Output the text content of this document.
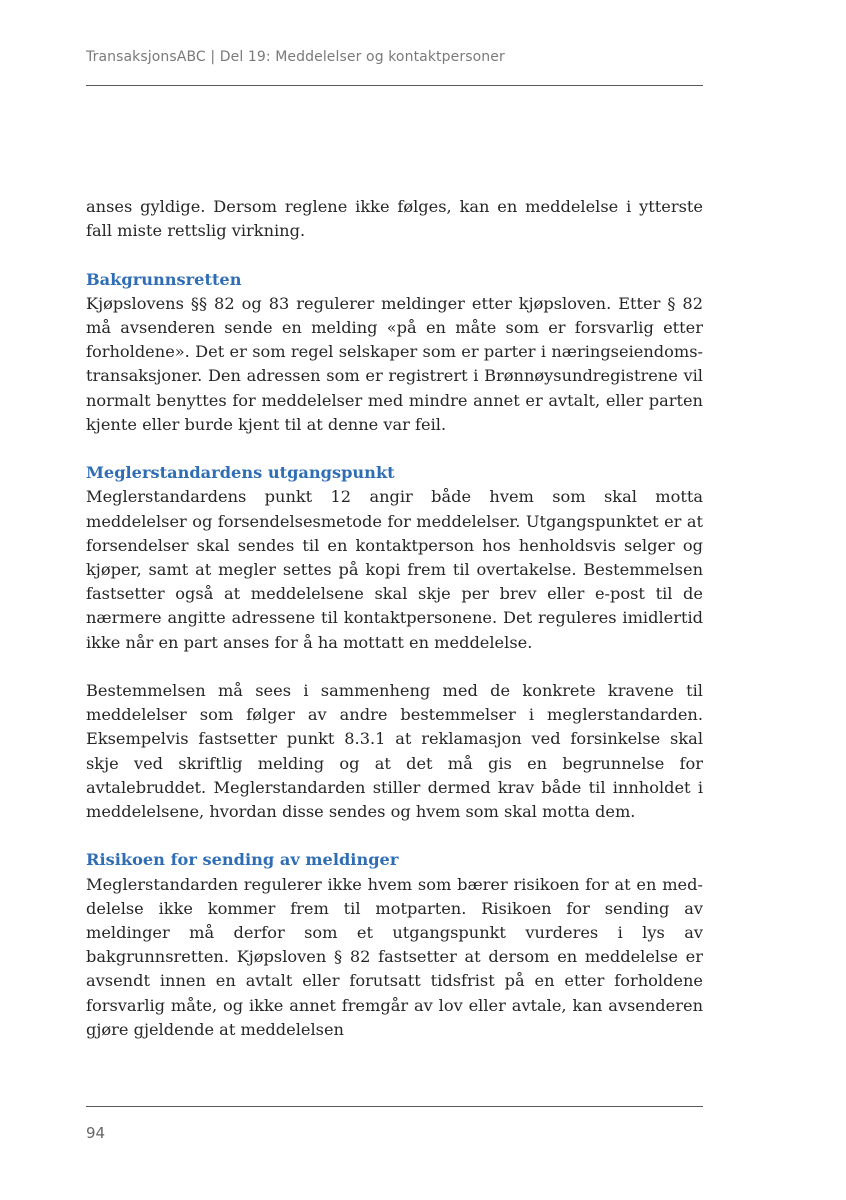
TransaksjonsABC | Del 19: Meddelelser og kontaktpersoner

anses gyldige. Dersom reglene ikke følges, kan en meddelelse i ytterste fall miste rettslig virkning.

Bakgrunnsretten

Kjøpslovens §§ 82 og 83 regulerer meldinger etter kjøpsloven. Etter § 82 må avsenderen sende en melding «på en måte som er forsvarlig etter forholdene». Det er som regel selskaper som er parter i næringseiendomstransaksjoner. Den adressen som er registrert i Brønnøysundregistrene vil normalt benyttes for meddelelser med mindre annet er avtalt, eller parten kjente eller burde kjent til at denne var feil.

Meglerstandardens utgangspunkt

Meglerstandardens punkt 12 angir både hvem som skal motta meddelelser og forsendelsesmetode for meddelelser. Utgangspunktet er at forsendelser skal sendes til en kontaktperson hos henholdsvis selger og kjøper, samt at megler settes på kopi frem til overtakelse. Bestemmelsen fastsetter også at meddelelsene skal skje per brev eller e-post til de nærmere angitte adressene til kontaktpersonene. Det reguleres imidlertid ikke når en part anses for å ha mottatt en meddelelse.

Bestemmelsen må sees i sammenheng med de konkrete kravene til meddelelser som følger av andre bestemmelser i meglerstandarden. Eksempelvis fastsetter punkt 8.3.1 at reklamasjon ved forsinkelse skal skje ved skriftlig melding og at det må gis en begrunnelse for avtalebruddet. Meglerstandarden stiller dermed krav både til innholdet i meddelelsene, hvordan disse sendes og hvem som skal motta dem.

Risikoen for sending av meldinger

Meglerstandarden regulerer ikke hvem som bærer risikoen for at en meddelelse ikke kommer frem til motparten. Risikoen for sending av meldinger må derfor som et utgangspunkt vurderes i lys av bakgrunnsretten. Kjøpsloven § 82 fastsetter at dersom en meddelelse er avsendt innen en avtalt eller forutsatt tidsfrist på en etter forholdene forsvarlig måte, og ikke annet fremgår av lov eller avtale, kan avsenderen gjøre gjeldende at meddelelsen

94
